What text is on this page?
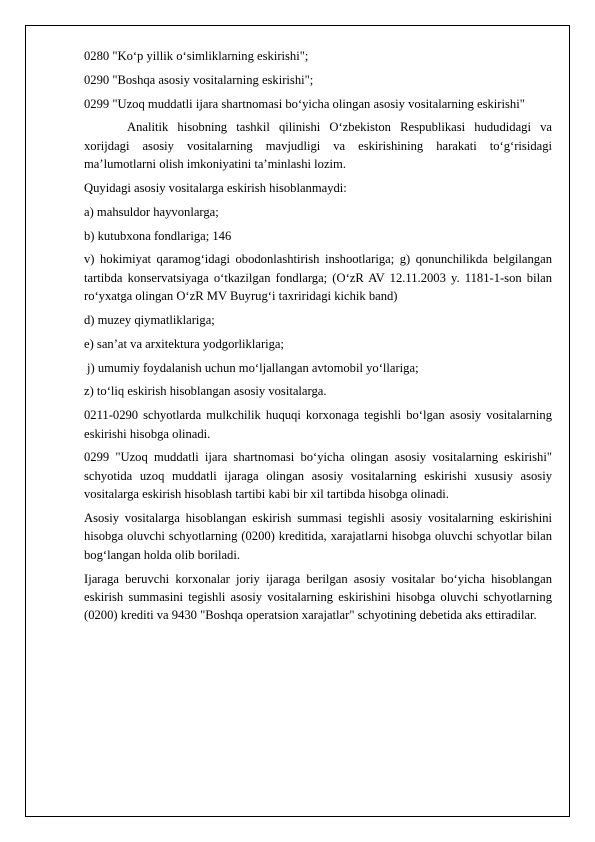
0280 "Ko‘p yillik o‘simliklarning eskirishi";

0290 "Boshqa asosiy vositalarning eskirishi";

0299 "Uzoq muddatli ijara shartnomasi bo‘yicha olingan asosiy vositalarning eskirishi"

Analitik hisobning tashkil qilinishi O‘zbekiston Respublikasi hududidagi va xorijdagi asosiy vositalarning mavjudligi va eskirishining harakati to‘g‘risidagi ma’lumotlarni olish imkoniyatini ta’minlashi lozim.

Quyidagi asosiy vositalarga eskirish hisoblanmaydi:

a) mahsuldor hayvonlarga;

b) kutubxona fondlariga; 146

v) hokimiyat qaramog‘idagi obodonlashtirish inshootlariga; g) qonunchilikda belgilangan tartibda konservatsiyaga o‘tkazilgan fondlarga; (O‘zR AV 12.11.2003 y. 1181-1-son bilan ro‘yxatga olingan O‘zR MV Buyrug‘i taxriridagi kichik band)

d) muzey qiymatliklariga;

e) san’at va arxitektura yodgorliklariga;

j) umumiy foydalanish uchun mo‘ljallangan avtomobil yo‘llariga;

z) to‘liq eskirish hisoblangan asosiy vositalarga.

0211-0290 schyotlarda mulkchilik huquqi korxonaga tegishli bo‘lgan asosiy vositalarning eskirishi hisobga olinadi.

0299 "Uzoq muddatli ijara shartnomasi bo‘yicha olingan asosiy vositalarning eskirishi" schyotida uzoq muddatli ijaraga olingan asosiy vositalarning eskirishi xususiy asosiy vositalarga eskirish hisoblash tartibi kabi bir xil tartibda hisobga olinadi.

Asosiy vositalarga hisoblangan eskirish summasi tegishli asosiy vositalarning eskirishini hisobga oluvchi schyotlarning (0200) kreditida, xarajatlarni hisobga oluvchi schyotlar bilan bog‘langan holda olib boriladi.

Ijaraga beruvchi korxonalar joriy ijaraga berilgan asosiy vositalar bo‘yicha hisoblangan eskirish summasini tegishli asosiy vositalarning eskirishini hisobga oluvchi schyotlarning (0200) krediti va 9430 "Boshqa operatsion xarajatlar" schyotining debetida aks ettiradilar.
